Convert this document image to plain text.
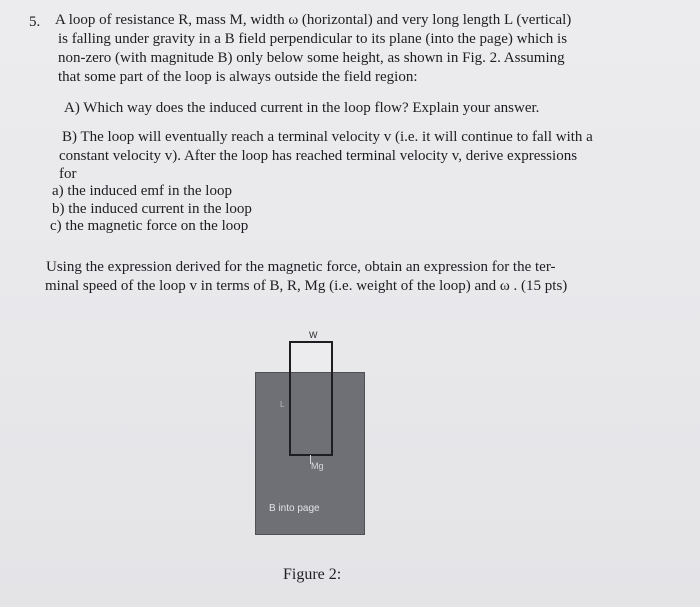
5. A loop of resistance R, mass M, width ω (horizontal) and very long length L (vertical)
is falling under gravity in a B field perpendicular to its plane (into the page) which is
non-zero (with magnitude B) only below some height, as shown in Fig. 2. Assuming
that some part of the loop is always outside the field region:
A) Which way does the induced current in the loop flow? Explain your answer.
B) The loop will eventually reach a terminal velocity v (i.e. it will continue to fall with a
constant velocity v). After the loop has reached terminal velocity v, derive expressions
for
a) the induced emf in the loop
b) the induced current in the loop
c) the magnetic force on the loop
Using the expression derived for the magnetic force, obtain an expression for the ter-
minal speed of the loop v in terms of B, R, Mg (i.e. weight of the loop) and ω . (15 pts)
W
L
Mg
B into page
Figure 2:
